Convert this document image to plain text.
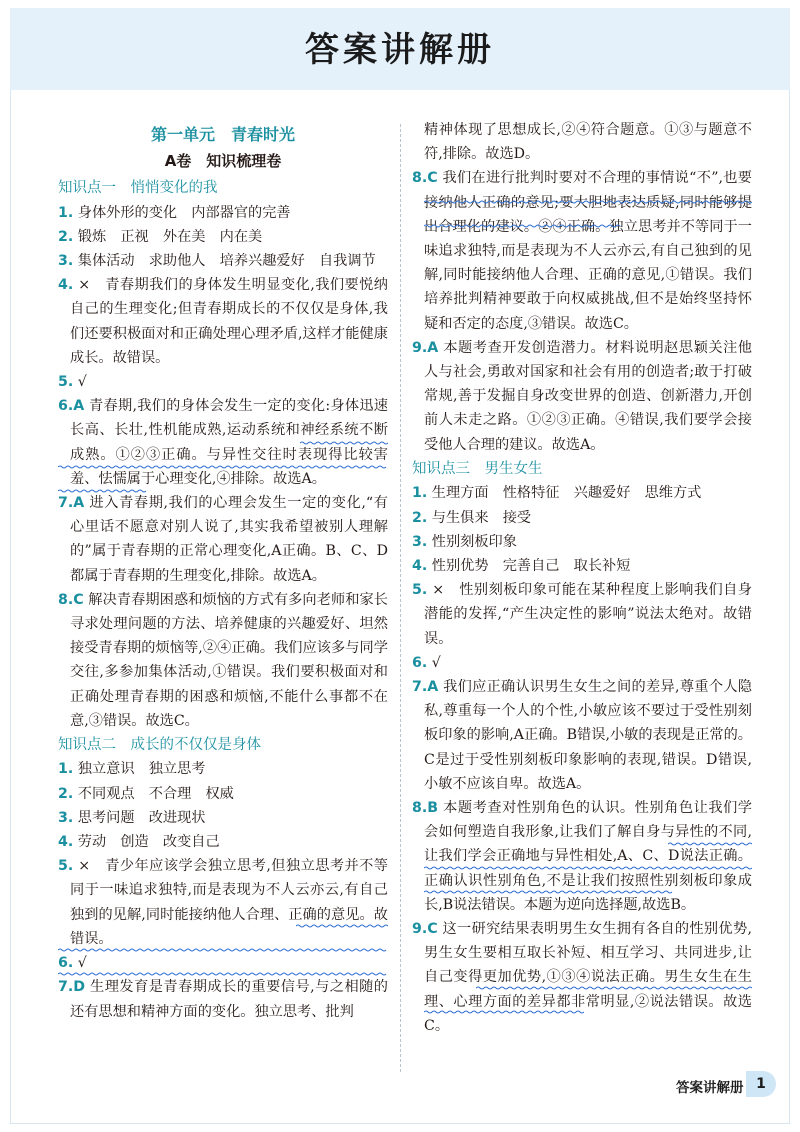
答案讲解册
第一单元　青春时光
A卷　知识梳理卷
知识点一　悄悄变化的我
1. 身体外形的变化　内部器官的完善
2. 锻炼　正视　外在美　内在美
3. 集体活动　求助他人　培养兴趣爱好　自我调节
4. ×　青春期我们的身体发生明显变化,我们要悦纳自己的生理变化;但青春期成长的不仅仅是身体,我们还要积极面对和正确处理心理矛盾,这样才能健康成长。故错误。
5. √
6.A 青春期,我们的身体会发生一定的变化:身体迅速长高、长壮,性机能成熟,运动系统和神经系统不断成熟。①②③正确。与异性交往时表现得比较害羞、怯懦属于心理变化,④排除。故选A。
7.A 进入青春期,我们的心理会发生一定的变化,“有心里话不愿意对别人说了,其实我希望被别人理解的”属于青春期的正常心理变化,A正确。B、C、D都属于青春期的生理变化,排除。故选A。
8.C 解决青春期困惑和烦恼的方式有多向老师和家长寻求处理问题的方法、培养健康的兴趣爱好、坦然接受青春期的烦恼等,②④正确。我们应该多与同学交往,多参加集体活动,①错误。我们要积极面对和正确处理青春期的困惑和烦恼,不能什么事都不在意,③错误。故选C。
知识点二　成长的不仅仅是身体
1. 独立意识　独立思考
2. 不同观点　不合理　权威
3. 思考问题　改进现状
4. 劳动　创造　改变自己
5. ×　青少年应该学会独立思考,但独立思考并不等同于一味追求独特,而是表现为不人云亦云,有自己独到的见解,同时能接纳他人合理、正确的意见。故错误。
6. √
7.D 生理发育是青春期成长的重要信号,与之相随的还有思想和精神方面的变化。独立思考、批判
精神体现了思想成长,②④符合题意。①③与题意不符,排除。故选D。
8.C 我们在进行批判时要对不合理的事情说“不”,也要接纳他人正确的意见;要大胆地表达质疑,同时能够提出合理化的建议。②④正确。独立思考并不等同于一味追求独特,而是表现为不人云亦云,有自己独到的见解,同时能接纳他人合理、正确的意见,①错误。我们培养批判精神要敢于向权威挑战,但不是始终坚持怀疑和否定的态度,③错误。故选C。
9.A 本题考查开发创造潜力。材料说明赵思颖关注他人与社会,勇敢对国家和社会有用的创造者;敢于打破常规,善于发掘自身改变世界的创造、创新潜力,开创前人未走之路。①②③正确。④错误,我们要学会接受他人合理的建议。故选A。
知识点三　男生女生
1. 生理方面　性格特征　兴趣爱好　思维方式
2. 与生俱来　接受
3. 性别刻板印象
4. 性别优势　完善自己　取长补短
5. ×　性别刻板印象可能在某种程度上影响我们自身潜能的发挥,“产生决定性的影响”说法太绝对。故错误。
6. √
7.A 我们应正确认识男生女生之间的差异,尊重个人隐私,尊重每一个人的个性,小敏应该不要过于受性别刻板印象的影响,A正确。B错误,小敏的表现是正常的。C是过于受性别刻板印象影响的表现,错误。D错误,小敏不应该自卑。故选A。
8.B 本题考查对性别角色的认识。性别角色让我们学会如何塑造自我形象,让我们了解自身与异性的不同,让我们学会正确地与异性相处,A、C、D说法正确。正确认识性别角色,不是让我们按照性别刻板印象成长,B说法错误。本题为逆向选择题,故选B。
9.C 这一研究结果表明男生女生拥有各自的性别优势,男生女生要相互取长补短、相互学习、共同进步,让自己变得更加优势,①③④说法正确。男生女生在生理、心理方面的差异都非常明显,②说法错误。故选C。
答案讲解册 1
